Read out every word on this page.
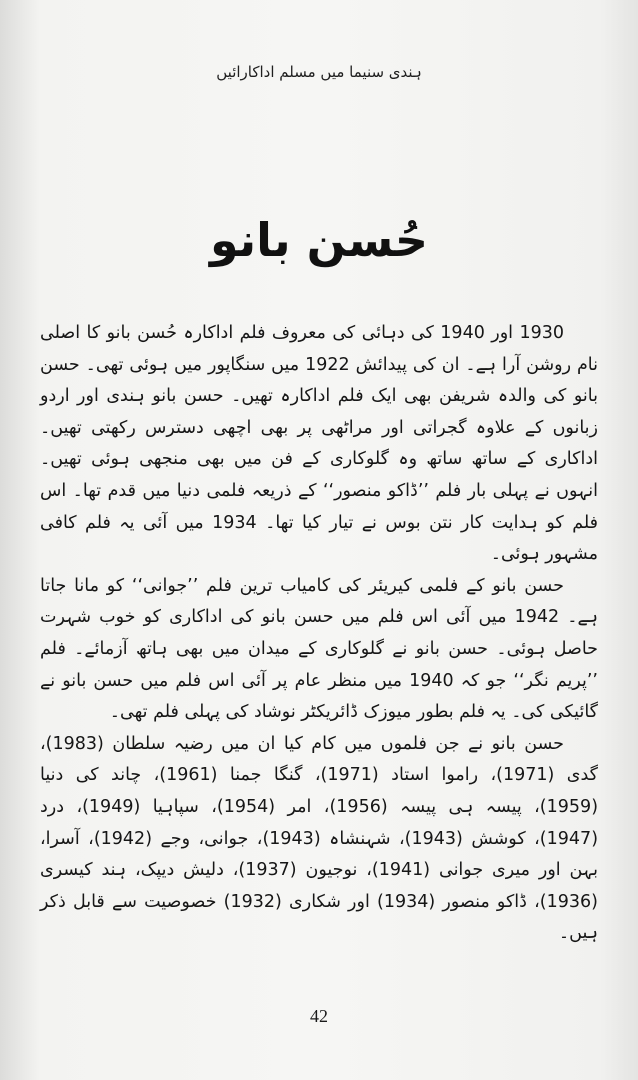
ہندی سنیما میں مسلم اداکارائیں
حُسن بانو

1930 اور 1940 کی دہائی کی معروف فلم اداکارہ حُسن بانو کا اصلی نام روشن آرا ہے۔ ان کی پیدائش 1922 میں سنگاپور میں ہوئی تھی۔ حسن بانو کی والدہ شریفن بھی ایک فلم اداکارہ تھیں۔ حسن بانو ہندی اور اردو زبانوں کے علاوہ گجراتی اور مراٹھی پر بھی اچھی دسترس رکھتی تھیں۔ اداکاری کے ساتھ ساتھ وہ گلوکاری کے فن میں بھی منجھی ہوئی تھیں۔ انہوں نے پہلی بار فلم ’’ڈاکو منصور‘‘ کے ذریعہ فلمی دنیا میں قدم تھا۔ اس فلم کو ہدایت کار نتن بوس نے تیار کیا تھا۔ 1934 میں آئی یہ فلم کافی مشہور ہوئی۔

حسن بانو کے فلمی کیریئر کی کامیاب ترین فلم ’’جوانی‘‘ کو مانا جاتا ہے۔ 1942 میں آئی اس فلم میں حسن بانو کی اداکاری کو خوب شہرت حاصل ہوئی۔ حسن بانو نے گلوکاری کے میدان میں بھی ہاتھ آزمائے۔ فلم ’’پریم نگر‘‘ جو کہ 1940 میں منظر عام پر آئی اس فلم میں حسن بانو نے گائیکی کی۔ یہ فلم بطور میوزک ڈائریکٹر نوشاد کی پہلی فلم تھی۔

حسن بانو نے جن فلموں میں کام کیا ان میں رضیہ سلطان (1983)، گدی (1971)، راموا استاد (1971)، گنگا جمنا (1961)، چاند کی دنیا (1959)، پیسہ ہی پیسہ (1956)، امر (1954)، سپاہیا (1949)، درد (1947)، کوشش (1943)، شہنشاہ (1943)، جوانی، وجے (1942)، آسرا، بہن اور میری جوانی (1941)، نوجیون (1937)، دلیش دیپک، ہند کیسری (1936)، ڈاکو منصور (1934) اور شکاری (1932) خصوصیت سے قابل ذکر ہیں۔

42
